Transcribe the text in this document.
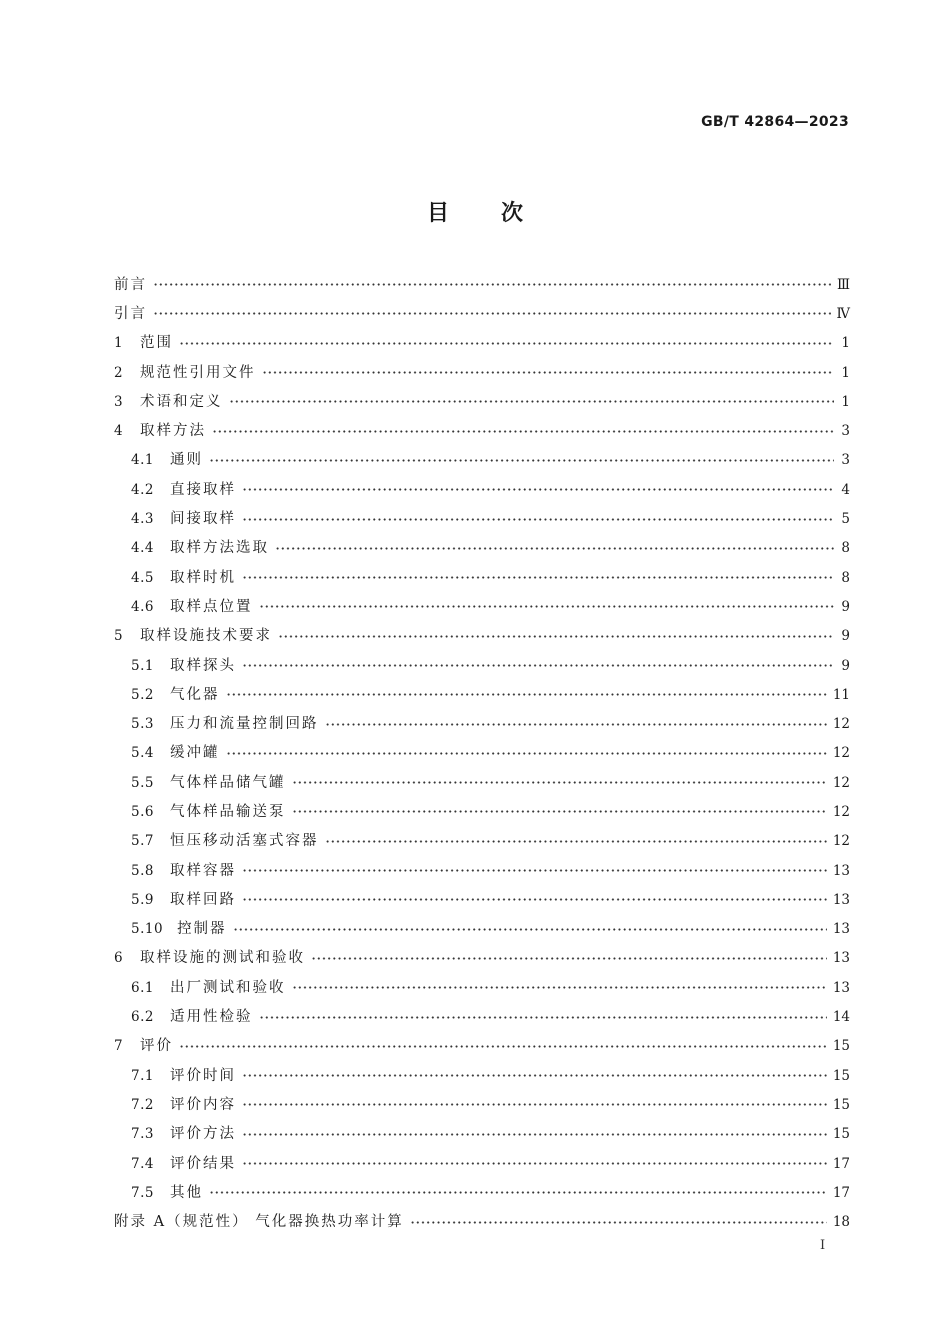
GB/T 42864—2023
目次
前言	Ⅲ
引言	Ⅳ
1 范围	1
2 规范性引用文件	1
3 术语和定义	1
4 取样方法	3
4.1 通则	3
4.2 直接取样	4
4.3 间接取样	5
4.4 取样方法选取	8
4.5 取样时机	8
4.6 取样点位置	9
5 取样设施技术要求	9
5.1 取样探头	9
5.2 气化器	11
5.3 压力和流量控制回路	12
5.4 缓冲罐	12
5.5 气体样品储气罐	12
5.6 气体样品输送泵	12
5.7 恒压移动活塞式容器	12
5.8 取样容器	13
5.9 取样回路	13
5.10 控制器	13
6 取样设施的测试和验收	13
6.1 出厂测试和验收	13
6.2 适用性检验	14
7 评价	15
7.1 评价时间	15
7.2 评价内容	15
7.3 评价方法	15
7.4 评价结果	17
7.5 其他	17
附录 A（规范性） 气化器换热功率计算	18
Ⅰ
